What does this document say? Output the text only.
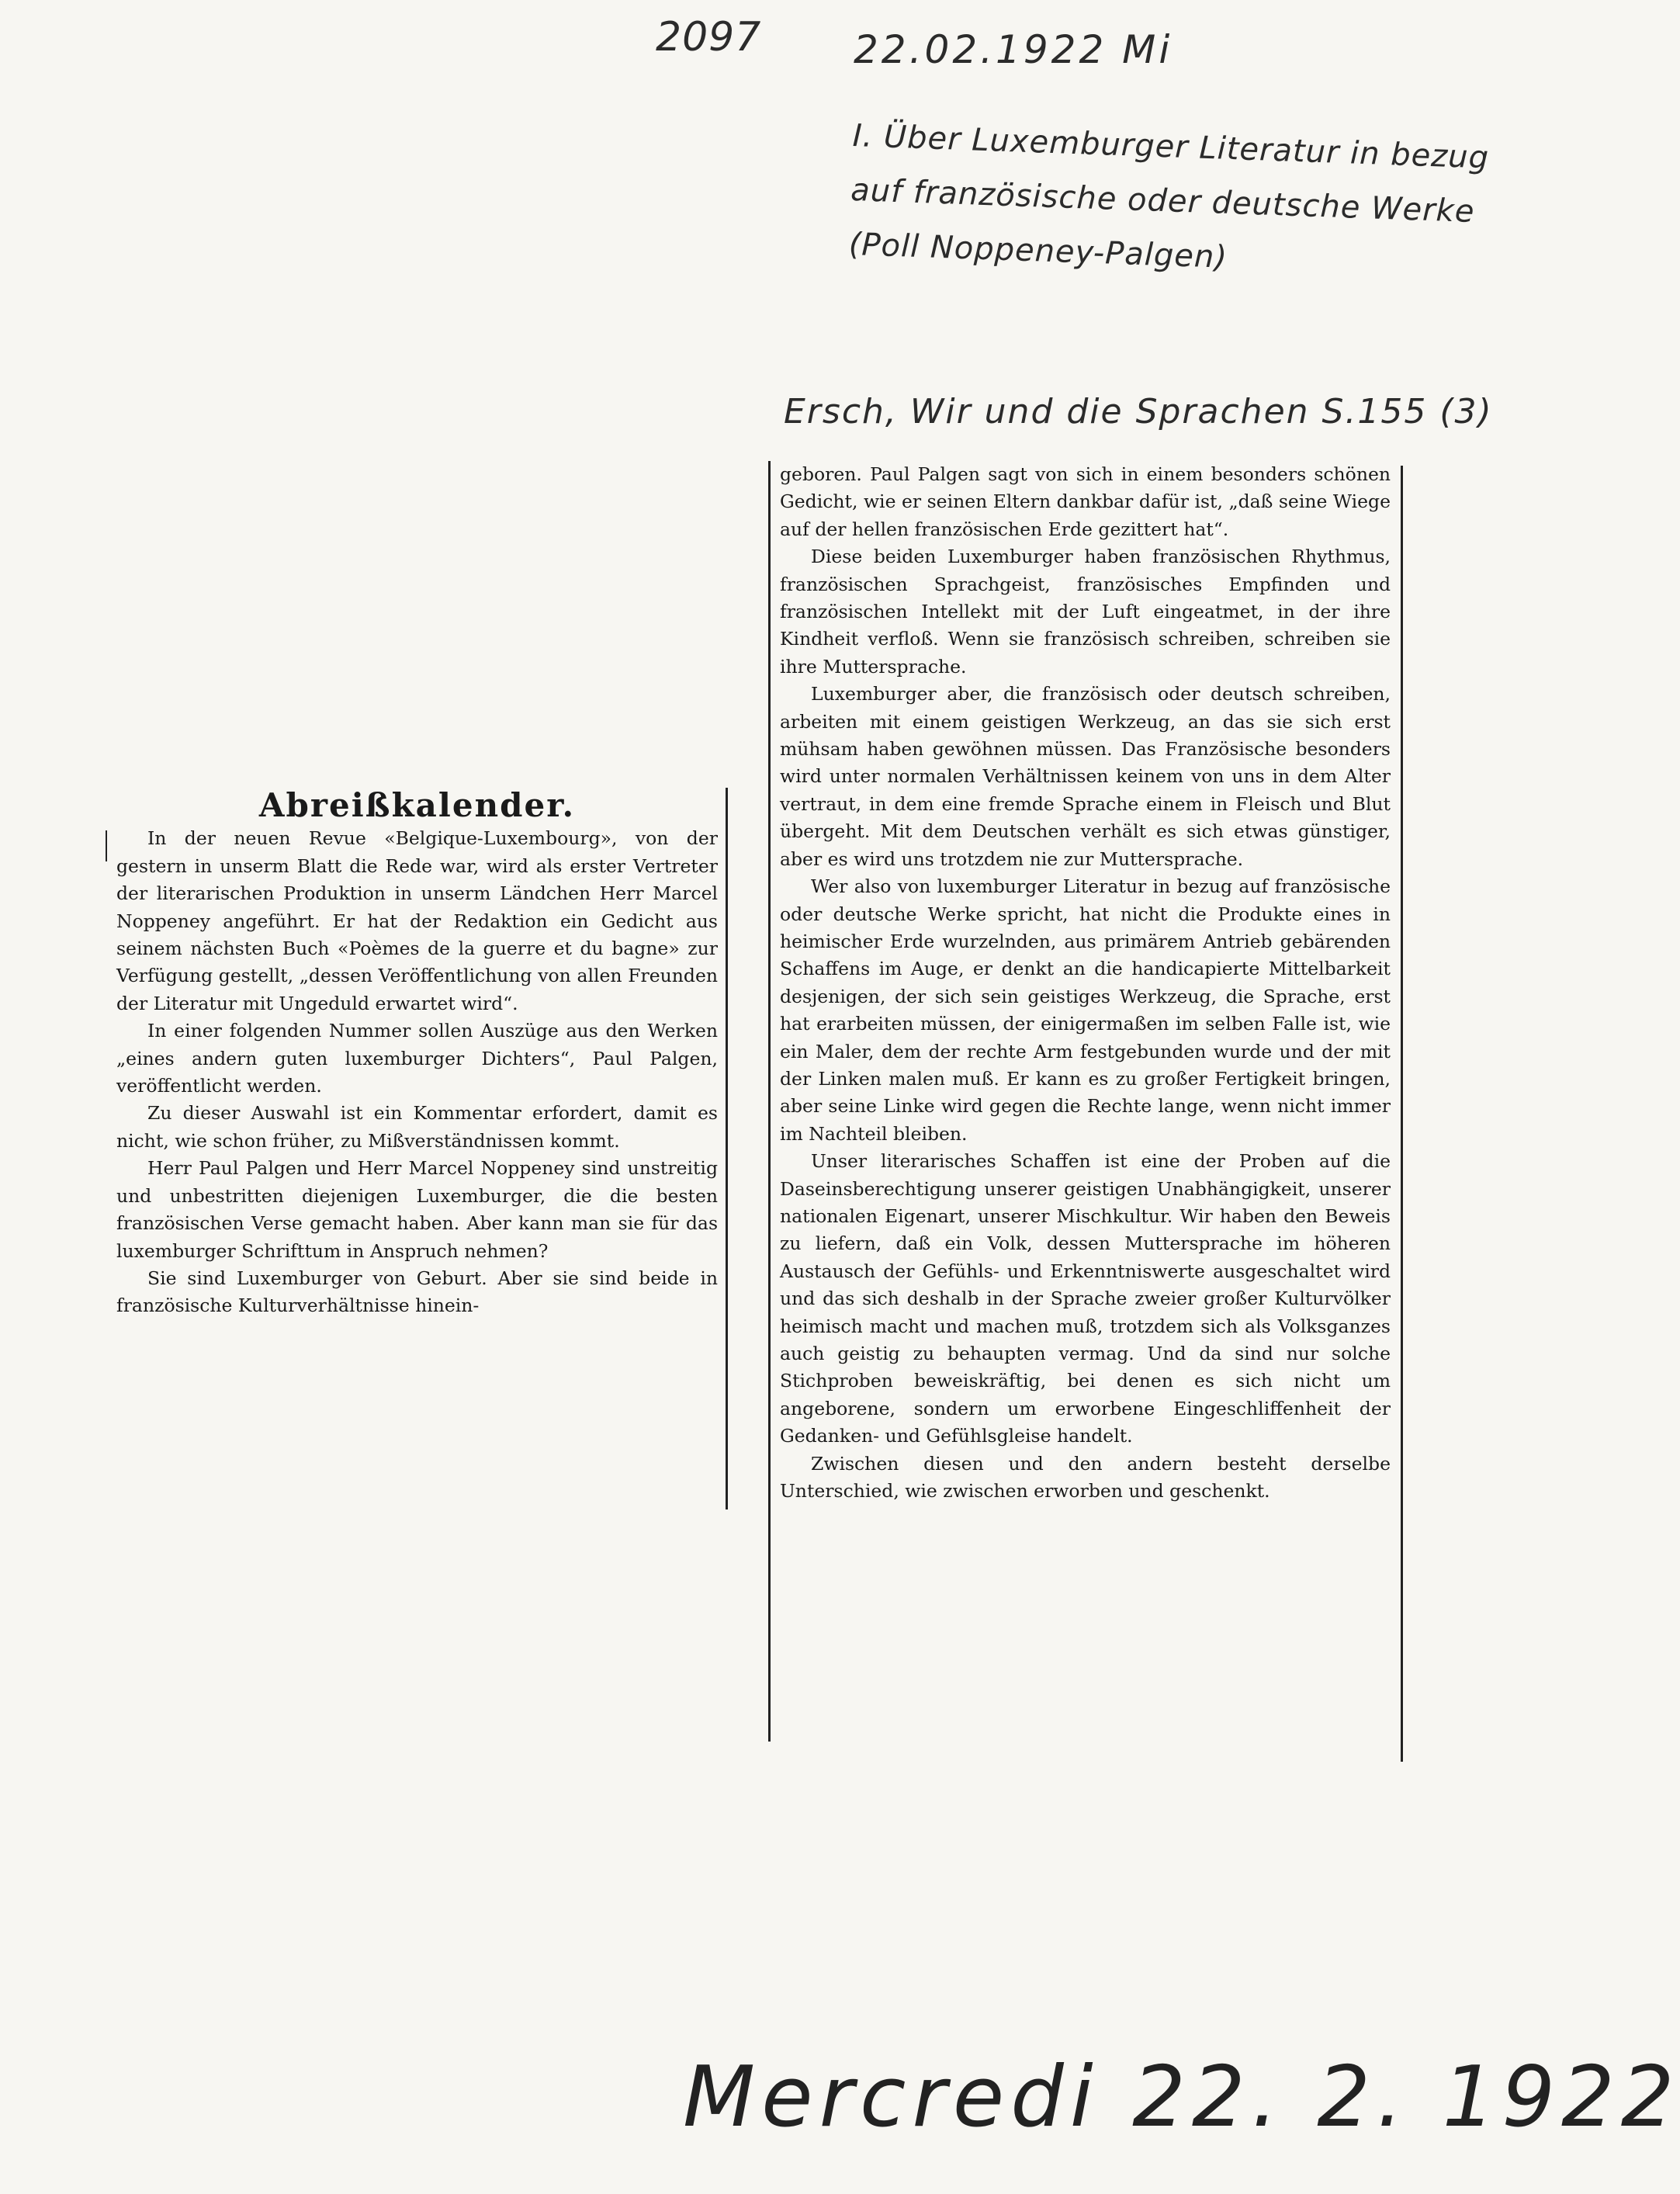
2097 22.02.1922 Mi
I. Über Luxemburger Literatur in bezug
auf französische oder deutsche Werke
(Poll Noppeney-Palgen)
Ersch, Wir und die Sprachen S.155 (3)
Abreißkalender.

In der neuen Revue «Belgique-Luxembourg», von der gestern in unserm Blatt die Rede war, wird als erster Vertreter der literarischen Produktion in unserm Ländchen Herr Marcel Noppeney angeführt. Er hat der Redaktion ein Gedicht aus seinem nächsten Buch «Poèmes de la guerre et du bagne» zur Verfügung gestellt, „dessen Veröffentlichung von allen Freunden der Literatur mit Ungeduld erwartet wird“.

In einer folgenden Nummer sollen Auszüge aus den Werken „eines andern guten luxemburger Dichters“, Paul Palgen, veröffentlicht werden.

Zu dieser Auswahl ist ein Kommentar erfordert, damit es nicht, wie schon früher, zu Mißverständnissen kommt.

Herr Paul Palgen und Herr Marcel Noppeney sind unstreitig und unbestritten diejenigen Luxemburger, die die besten französischen Verse gemacht haben. Aber kann man sie für das luxemburger Schrifttum in Anspruch nehmen?

Sie sind Luxemburger von Geburt. Aber sie sind beide in französische Kulturverhältnisse hinein-

geboren. Paul Palgen sagt von sich in einem besonders schönen Gedicht, wie er seinen Eltern dankbar dafür ist, „daß seine Wiege auf der hellen französischen Erde gezittert hat“.

Diese beiden Luxemburger haben französischen Rhythmus, französischen Sprachgeist, französisches Empfinden und französischen Intellekt mit der Luft eingeatmet, in der ihre Kindheit verfloß. Wenn sie französisch schreiben, schreiben sie ihre Muttersprache.

Luxemburger aber, die französisch oder deutsch schreiben, arbeiten mit einem geistigen Werkzeug, an das sie sich erst mühsam haben gewöhnen müssen. Das Französische besonders wird unter normalen Verhältnissen keinem von uns in dem Alter vertraut, in dem eine fremde Sprache einem in Fleisch und Blut übergeht. Mit dem Deutschen verhält es sich etwas günstiger, aber es wird uns trotzdem nie zur Muttersprache.

Wer also von luxemburger Literatur in bezug auf französische oder deutsche Werke spricht, hat nicht die Produkte eines in heimischer Erde wurzelnden, aus primärem Antrieb gebärenden Schaffens im Auge, er denkt an die handicapierte Mittelbarkeit desjenigen, der sich sein geistiges Werkzeug, die Sprache, erst hat erarbeiten müssen, der einigermaßen im selben Falle ist, wie ein Maler, dem der rechte Arm festgebunden wurde und der mit der Linken malen muß. Er kann es zu großer Fertigkeit bringen, aber seine Linke wird gegen die Rechte lange, wenn nicht immer im Nachteil bleiben.

Unser literarisches Schaffen ist eine der Proben auf die Daseinsberechtigung unserer geistigen Unabhängigkeit, unserer nationalen Eigenart, unserer Mischkultur. Wir haben den Beweis zu liefern, daß ein Volk, dessen Muttersprache im höheren Austausch der Gefühls- und Erkenntniswerte ausgeschaltet wird und das sich deshalb in der Sprache zweier großer Kulturvölker heimisch macht und machen muß, trotzdem sich als Volksganzes auch geistig zu behaupten vermag. Und da sind nur solche Stichproben beweiskräftig, bei denen es sich nicht um angeborene, sondern um erworbene Eingeschliffenheit der Gedanken- und Gefühlsgleise handelt.

Zwischen diesen und den andern besteht derselbe Unterschied, wie zwischen erworben und geschenkt.

Mercredi 22. 2. 1922
